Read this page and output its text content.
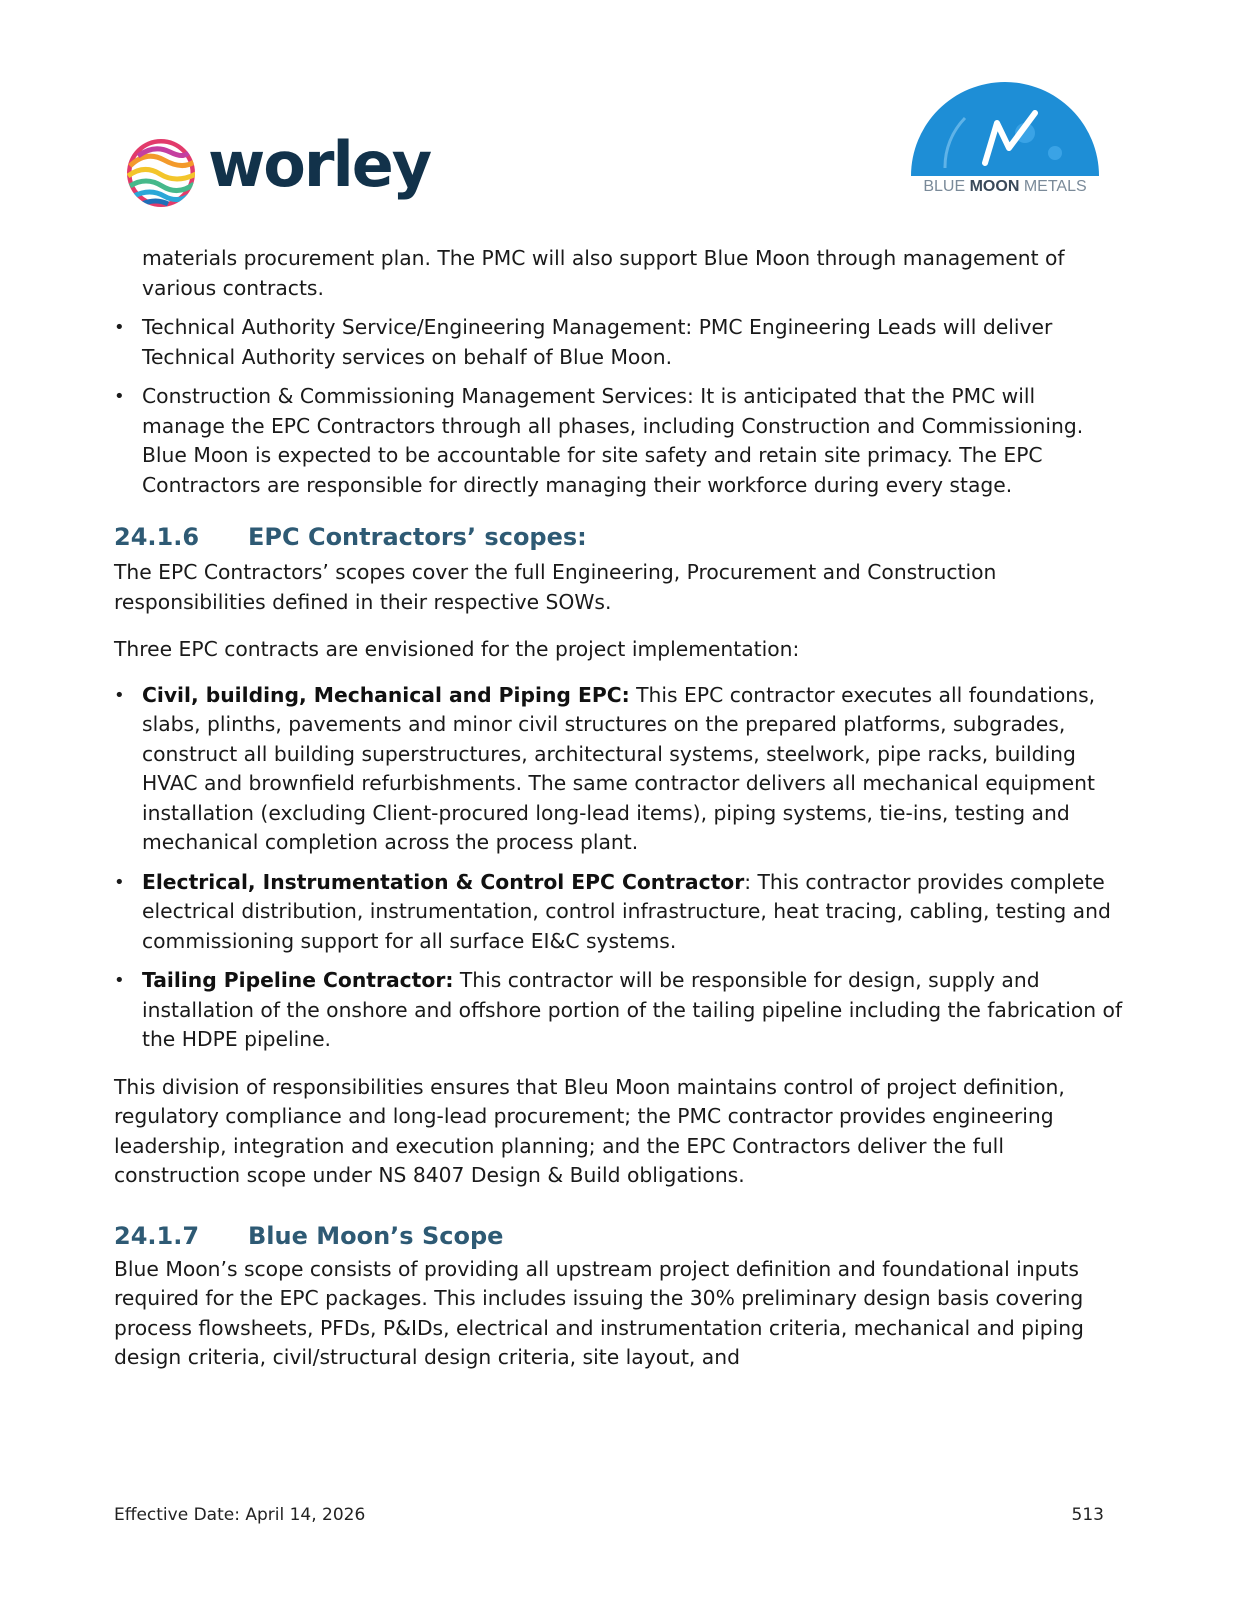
worley	BLUE MOON METALS

materials procurement plan. The PMC will also support Blue Moon through management of various contracts.

• Technical Authority Service/Engineering Management: PMC Engineering Leads will deliver Technical Authority services on behalf of Blue Moon.
• Construction & Commissioning Management Services: It is anticipated that the PMC will manage the EPC Contractors through all phases, including Construction and Commissioning. Blue Moon is expected to be accountable for site safety and retain site primacy. The EPC Contractors are responsible for directly managing their workforce during every stage.
24.1.6	EPC Contractors’ scopes:

The EPC Contractors’ scopes cover the full Engineering, Procurement and Construction responsibilities defined in their respective SOWs.

Three EPC contracts are envisioned for the project implementation:

• Civil, building, Mechanical and Piping EPC: This EPC contractor executes all foundations, slabs, plinths, pavements and minor civil structures on the prepared platforms, subgrades, construct all building superstructures, architectural systems, steelwork, pipe racks, building HVAC and brownfield refurbishments. The same contractor delivers all mechanical equipment installation (excluding Client-procured long-lead items), piping systems, tie-ins, testing and mechanical completion across the process plant.
• Electrical, Instrumentation & Control EPC Contractor: This contractor provides complete electrical distribution, instrumentation, control infrastructure, heat tracing, cabling, testing and commissioning support for all surface EI&C systems.
• Tailing Pipeline Contractor: This contractor will be responsible for design, supply and installation of the onshore and offshore portion of the tailing pipeline including the fabrication of the HDPE pipeline.

This division of responsibilities ensures that Bleu Moon maintains control of project definition, regulatory compliance and long-lead procurement; the PMC contractor provides engineering leadership, integration and execution planning; and the EPC Contractors deliver the full construction scope under NS 8407 Design & Build obligations.

24.1.7	Blue Moon’s Scope

Blue Moon’s scope consists of providing all upstream project definition and foundational inputs required for the EPC packages. This includes issuing the 30% preliminary design basis covering process flowsheets, PFDs, P&IDs, electrical and instrumentation criteria, mechanical and piping design criteria, civil/structural design criteria, site layout, and

Effective Date: April 14, 2026	513
